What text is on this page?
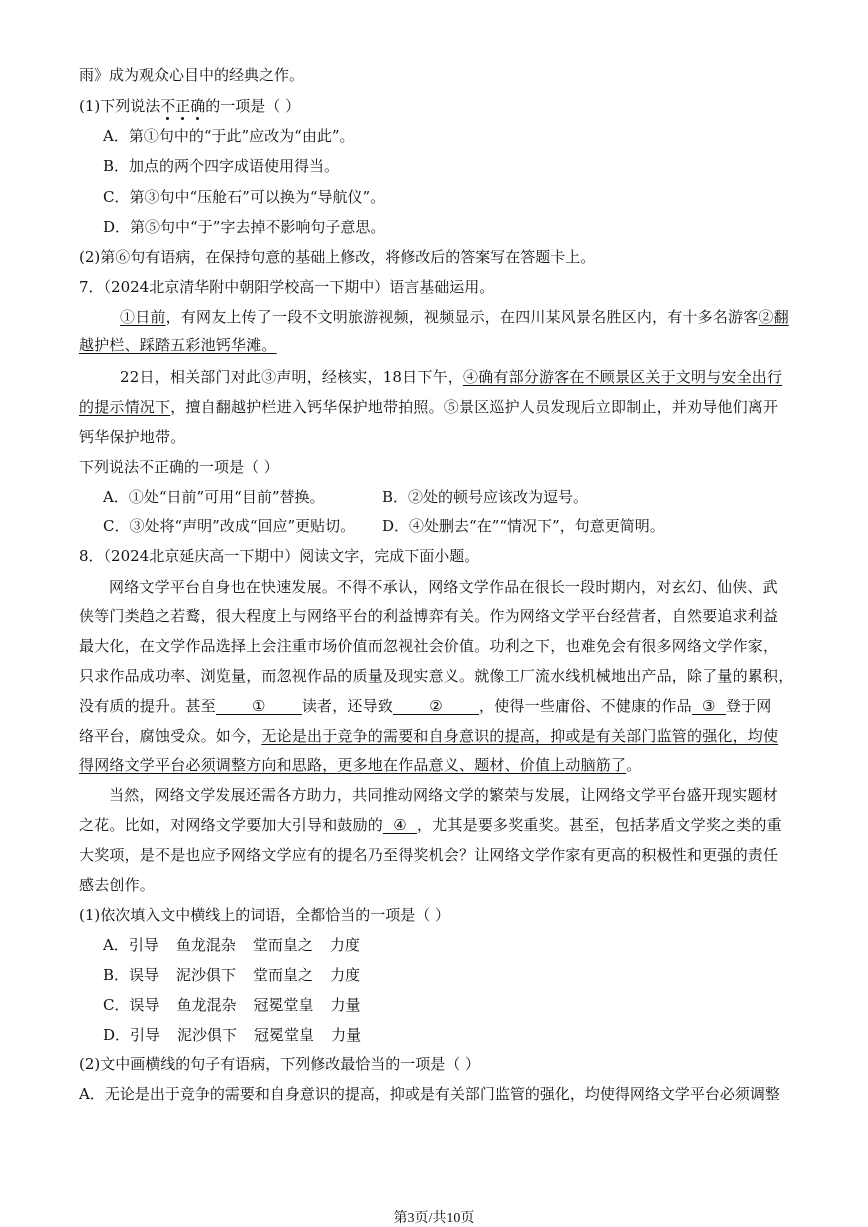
雨》成为观众心目中的经典之作。
(1)下列说法不正确的一项是（ ）
A．第①句中的“于此”应改为“由此”。
B．加点的两个四字成语使用得当。
C．第③句中“压舱石”可以换为“导航仪”。
D．第⑤句中“于”字去掉不影响句子意思。
(2)第⑥句有语病，在保持句意的基础上修改，将修改后的答案写在答题卡上。
7．（2024北京清华附中朝阳学校高一下期中）语言基础运用。
①日前，有网友上传了一段不文明旅游视频，视频显示，在四川某风景名胜区内，有十多名游客②翻
越护栏、踩踏五彩池钙华滩。
22日，相关部门对此③声明，经核实，18日下午，④确有部分游客在不顾景区关于文明与安全出行
的提示情况下，擅自翻越护栏进入钙华保护地带拍照。⑤景区巡护人员发现后立即制止，并劝导他们离开
钙华保护地带。
下列说法不正确的一项是（ ）
A．①处“日前”可用“目前”替换。	B．②处的顿号应该改为逗号。
C．③处将“声明”改成“回应”更贴切。 D．④处删去“在”“情况下”，句意更简明。
8．（2024北京延庆高一下期中）阅读文字，完成下面小题。
网络文学平台自身也在快速发展。不得不承认，网络文学作品在很长一段时期内，对玄幻、仙侠、武
侠等门类趋之若鹜，很大程度上与网络平台的利益博弈有关。作为网络文学平台经营者，自然要追求利益
最大化，在文学作品选择上会注重市场价值而忽视社会价值。功利之下，也难免会有很多网络文学作家，
只求作品成功率、浏览量，而忽视作品的质量及现实意义。就像工厂流水线机械地出产品，除了量的累积，
没有质的提升。甚至 ① 读者，还导致 ② ，使得一些庸俗、不健康的作品 ③ 登于网
络平台，腐蚀受众。如今，无论是出于竞争的需要和自身意识的提高，抑或是有关部门监管的强化，均使
得网络文学平台必须调整方向和思路，更多地在作品意义、题材、价值上动脑筋了。
当然，网络文学发展还需各方助力，共同推动网络文学的繁荣与发展，让网络文学平台盛开现实题材
之花。比如，对网络文学要加大引导和鼓励的 ④ ，尤其是要多奖重奖。甚至，包括茅盾文学奖之类的重
大奖项，是不是也应予网络文学应有的提名乃至得奖机会？让网络文学作家有更高的积极性和更强的责任
感去创作。
(1)依次填入文中横线上的词语，全都恰当的一项是（ ）
A．引导 鱼龙混杂 堂而皇之 力度
B．误导 泥沙俱下 堂而皇之 力度
C．误导 鱼龙混杂 冠冕堂皇 力量
D．引导 泥沙俱下 冠冕堂皇 力量
(2)文中画横线的句子有语病，下列修改最恰当的一项是（ ）
A．无论是出于竞争的需要和自身意识的提高，抑或是有关部门监管的强化，均使得网络文学平台必须调整
第3页/共10页
